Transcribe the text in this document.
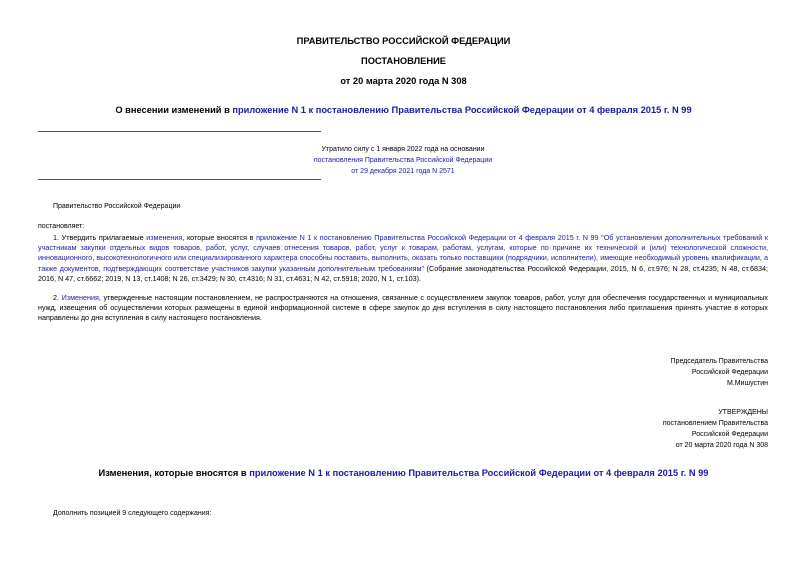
ПРАВИТЕЛЬСТВО РОССИЙСКОЙ ФЕДЕРАЦИИ
ПОСТАНОВЛЕНИЕ
от 20 марта 2020 года N 308
О внесении изменений в приложение N 1 к постановлению Правительства Российской Федерации от 4 февраля 2015 г. N 99
Утратило силу с 1 января 2022 года на основании
постановления Правительства Российской Федерации
от 29 декабря 2021 года N 2571
Правительство Российской Федерации
постановляет:
1. Утвердить прилагаемые изменения, которые вносятся в приложение N 1 к постановлению Правительства Российской Федерации от 4 февраля 2015 г. N 99 "Об установлении дополнительных требований к участникам закупки отдельных видов товаров, работ, услуг, случаев отнесения товаров, работ, услуг к товарам, работам, услугам, которые по причине их технической и (или) технологической сложности, инновационного, высокотехнологичного или специализированного характера способны поставить, выполнить, оказать только поставщики (подрядчики, исполнители), имеющие необходимый уровень квалификации, а также документов, подтверждающих соответствие участников закупки указанным дополнительным требованиям" (Собрание законодательства Российской Федерации, 2015, N 6, ст.976; N 28, ст.4235; N 48, ст.6834; 2016, N 47, ст.6662; 2019, N 13, ст.1408; N 26, ст.3429; N 30, ст.4316; N 31, ст.4631; N 42, ст.5918; 2020, N 1, ст.103).
2. Изменения, утвержденные настоящим постановлением, не распространяются на отношения, связанные с осуществлением закупок товаров, работ, услуг для обеспечения государственных и муниципальных нужд, извещения об осуществлении которых размещены в единой информационной системе в сфере закупок до дня вступления в силу настоящего постановления либо приглашения принять участие в которых направлены до дня вступления в силу настоящего постановления.
Председатель Правительства
Российской Федерации
М.Мишустин
УТВЕРЖДЕНЫ
постановлением Правительства
Российской Федерации
от 20 марта 2020 года N 308
Изменения, которые вносятся в приложение N 1 к постановлению Правительства Российской Федерации от 4 февраля 2015 г. N 99
Дополнить позицией 9 следующего содержания:
